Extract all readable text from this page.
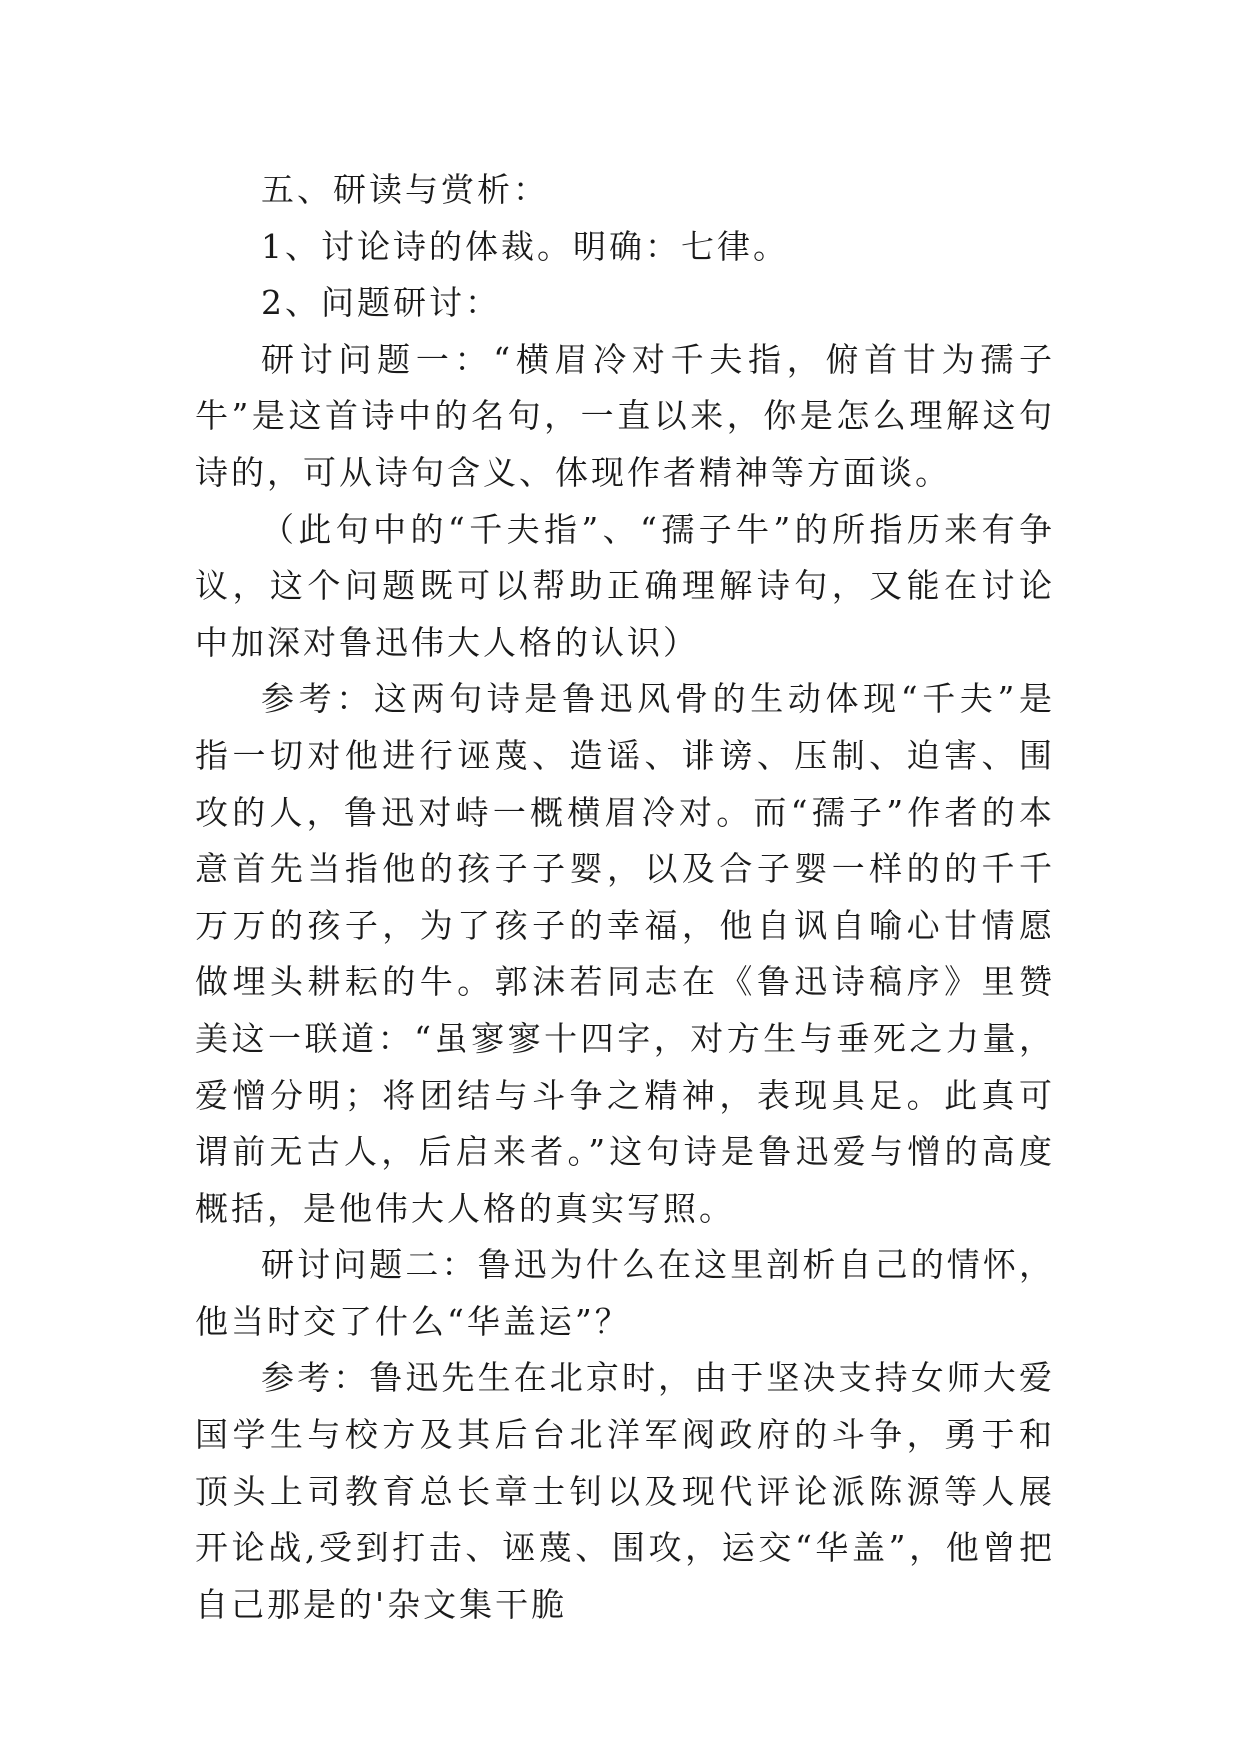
五、研读与赏析：

1、讨论诗的体裁。明确：七律。

2、问题研讨：

研讨问题一：“横眉冷对千夫指，俯首甘为孺子牛”是这首诗中的名句，一直以来，你是怎么理解这句诗的，可从诗句含义、体现作者精神等方面谈。

（此句中的“千夫指”、“孺子牛”的所指历来有争议，这个问题既可以帮助正确理解诗句，又能在讨论中加深对鲁迅伟大人格的认识）

参考：这两句诗是鲁迅风骨的生动体现“千夫”是指一切对他进行诬蔑、造谣、诽谤、压制、迫害、围攻的人，鲁迅对峙一概横眉冷对。而“孺子”作者的本意首先当指他的孩子子婴，以及合子婴一样的的千千万万的孩子，为了孩子的幸福，他自讽自喻心甘情愿做埋头耕耘的牛。郭沫若同志在《鲁迅诗稿序》里赞美这一联道：“虽寥寥十四字，对方生与垂死之力量，爱憎分明；将团结与斗争之精神，表现具足。此真可谓前无古人，后启来者。”这句诗是鲁迅爱与憎的高度概括，是他伟大人格的真实写照。

研讨问题二：鲁迅为什么在这里剖析自己的情怀，他当时交了什么“华盖运”？

参考：鲁迅先生在北京时，由于坚决支持女师大爱国学生与校方及其后台北洋军阀政府的斗争，勇于和顶头上司教育总长章士钊以及现代评论派陈源等人展开论战,受到打击、诬蔑、围攻，运交“华盖”，他曾把自己那是的'杂文集干脆
